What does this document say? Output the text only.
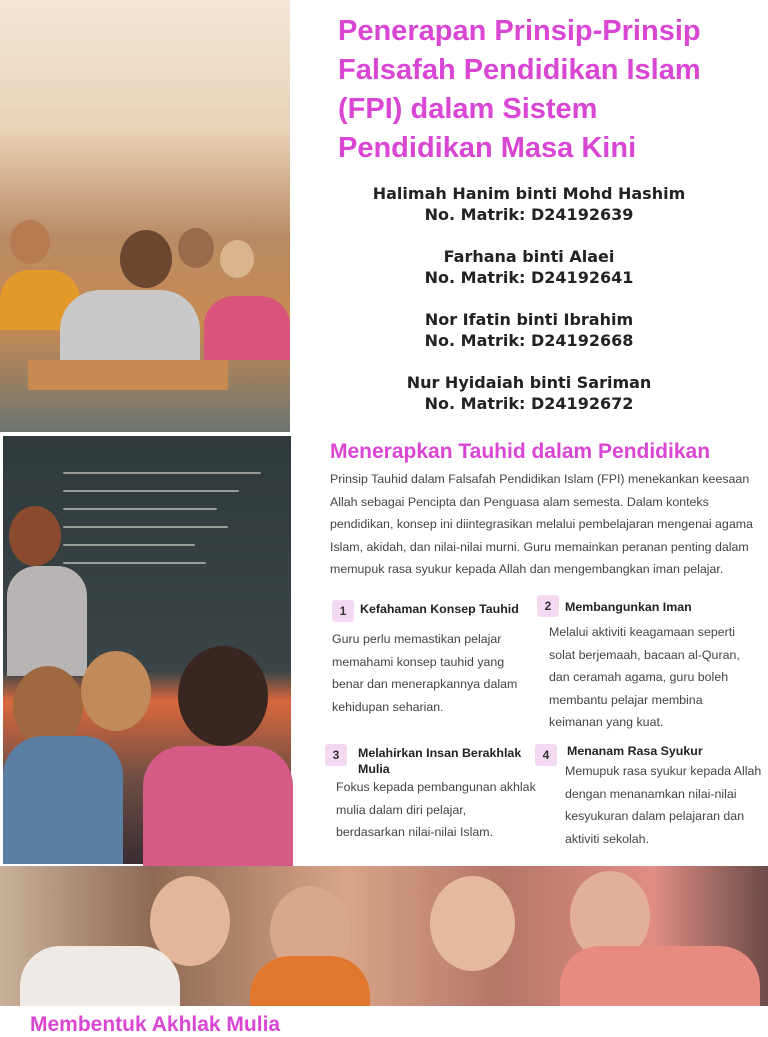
Penerapan Prinsip-Prinsip Falsafah Pendidikan Islam (FPI) dalam Sistem Pendidikan Masa Kini
Halimah Hanim binti Mohd Hashim
No. Matrik: D24192639
Farhana binti Alaei
No. Matrik: D24192641
Nor Ifatin binti Ibrahim
No. Matrik: D24192668
Nur Hyidaiah binti Sariman
No. Matrik: D24192672
Menerapkan Tauhid dalam Pendidikan

Prinsip Tauhid dalam Falsafah Pendidikan Islam (FPI) menekankan keesaan Allah sebagai Pencipta dan Penguasa alam semesta. Dalam konteks pendidikan, konsep ini diintegrasikan melalui pembelajaran mengenai agama Islam, akidah, dan nilai-nilai murni. Guru memainkan peranan penting dalam memupuk rasa syukur kepada Allah dan mengembangkan iman pelajar.

1	Kefahaman Konsep Tauhid

Guru perlu memastikan pelajar memahami konsep tauhid yang benar dan menerapkannya dalam kehidupan seharian.

2	Membangunkan Iman

Melalui aktiviti keagamaan seperti solat berjemaah, bacaan al-Quran, dan ceramah agama, guru boleh membantu pelajar membina keimanan yang kuat.

3	Melahirkan Insan Berakhlak Mulia

Fokus kepada pembangunan akhlak mulia dalam diri pelajar, berdasarkan nilai-nilai Islam.

4	Menanam Rasa Syukur

Memupuk rasa syukur kepada Allah dengan menanamkan nilai-nilai kesyukuran dalam pelajaran dan aktiviti sekolah.

Membentuk Akhlak Mulia
